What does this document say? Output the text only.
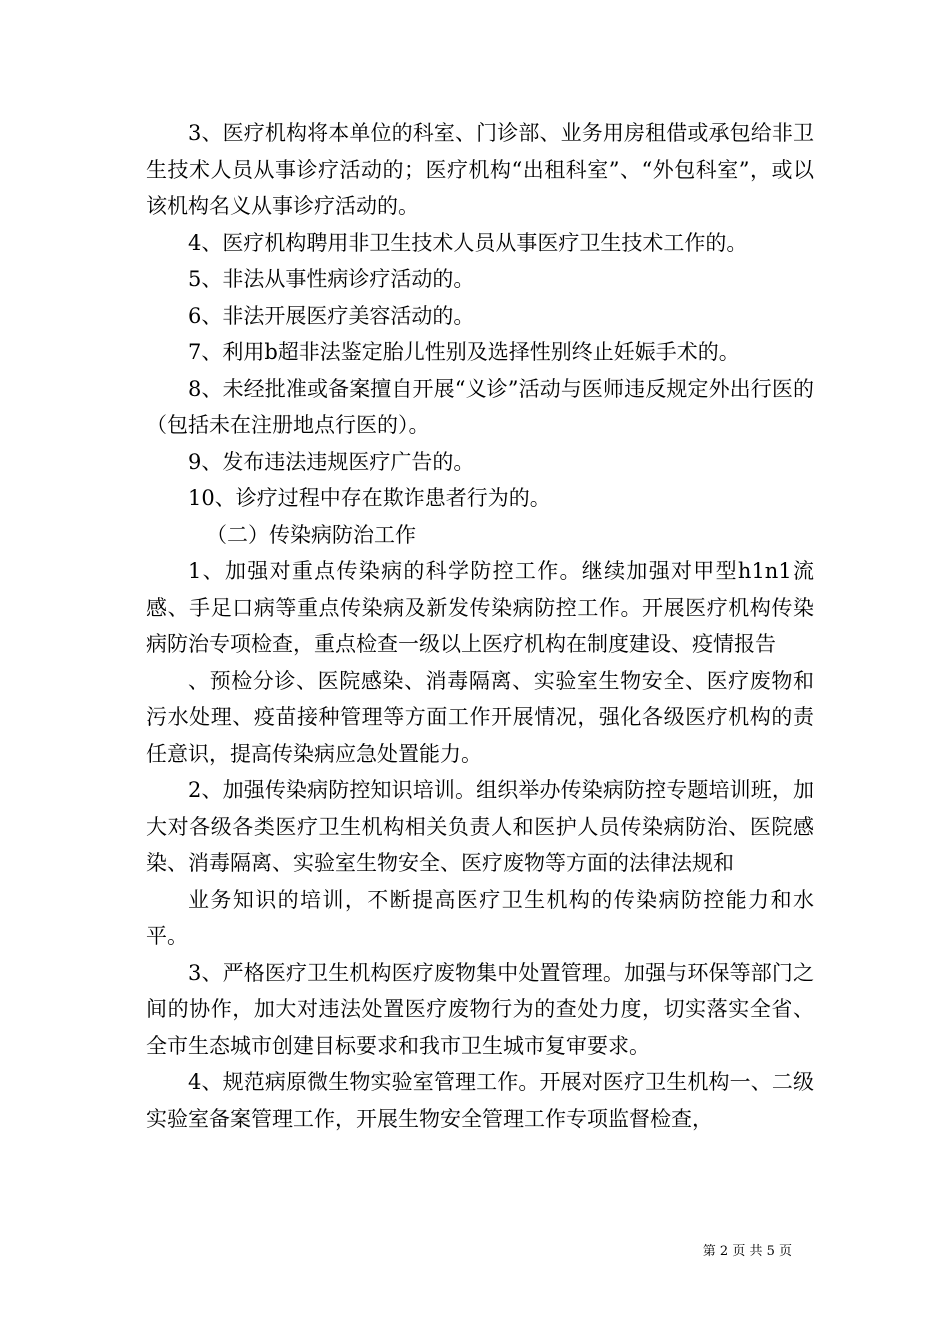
3、医疗机构将本单位的科室、门诊部、业务用房租借或承包给非卫生技术人员从事诊疗活动的；医疗机构“出租科室”、“外包科室”，或以该机构名义从事诊疗活动的。

4、医疗机构聘用非卫生技术人员从事医疗卫生技术工作的。

5、非法从事性病诊疗活动的。

6、非法开展医疗美容活动的。

7、利用b超非法鉴定胎儿性别及选择性别终止妊娠手术的。

8、未经批准或备案擅自开展“义诊”活动与医师违反规定外出行医的（包括未在注册地点行医的）。

9、发布违法违规医疗广告的。

10、诊疗过程中存在欺诈患者行为的。

（二）传染病防治工作

1、加强对重点传染病的科学防控工作。继续加强对甲型h1n1流感、手足口病等重点传染病及新发传染病防控工作。开展医疗机构传染病防治专项检查，重点检查一级以上医疗机构在制度建设、疫情报告

、预检分诊、医院感染、消毒隔离、实验室生物安全、医疗废物和污水处理、疫苗接种管理等方面工作开展情况，强化各级医疗机构的责任意识，提高传染病应急处置能力。

2、加强传染病防控知识培训。组织举办传染病防控专题培训班，加大对各级各类医疗卫生机构相关负责人和医护人员传染病防治、医院感染、消毒隔离、实验室生物安全、医疗废物等方面的法律法规和

业务知识的培训，不断提高医疗卫生机构的传染病防控能力和水平。

3、严格医疗卫生机构医疗废物集中处置管理。加强与环保等部门之间的协作，加大对违法处置医疗废物行为的查处力度，切实落实全省、全市生态城市创建目标要求和我市卫生城市复审要求。

4、规范病原微生物实验室管理工作。开展对医疗卫生机构一、二级实验室备案管理工作，开展生物安全管理工作专项监督检查，

第 2 页 共 5 页
